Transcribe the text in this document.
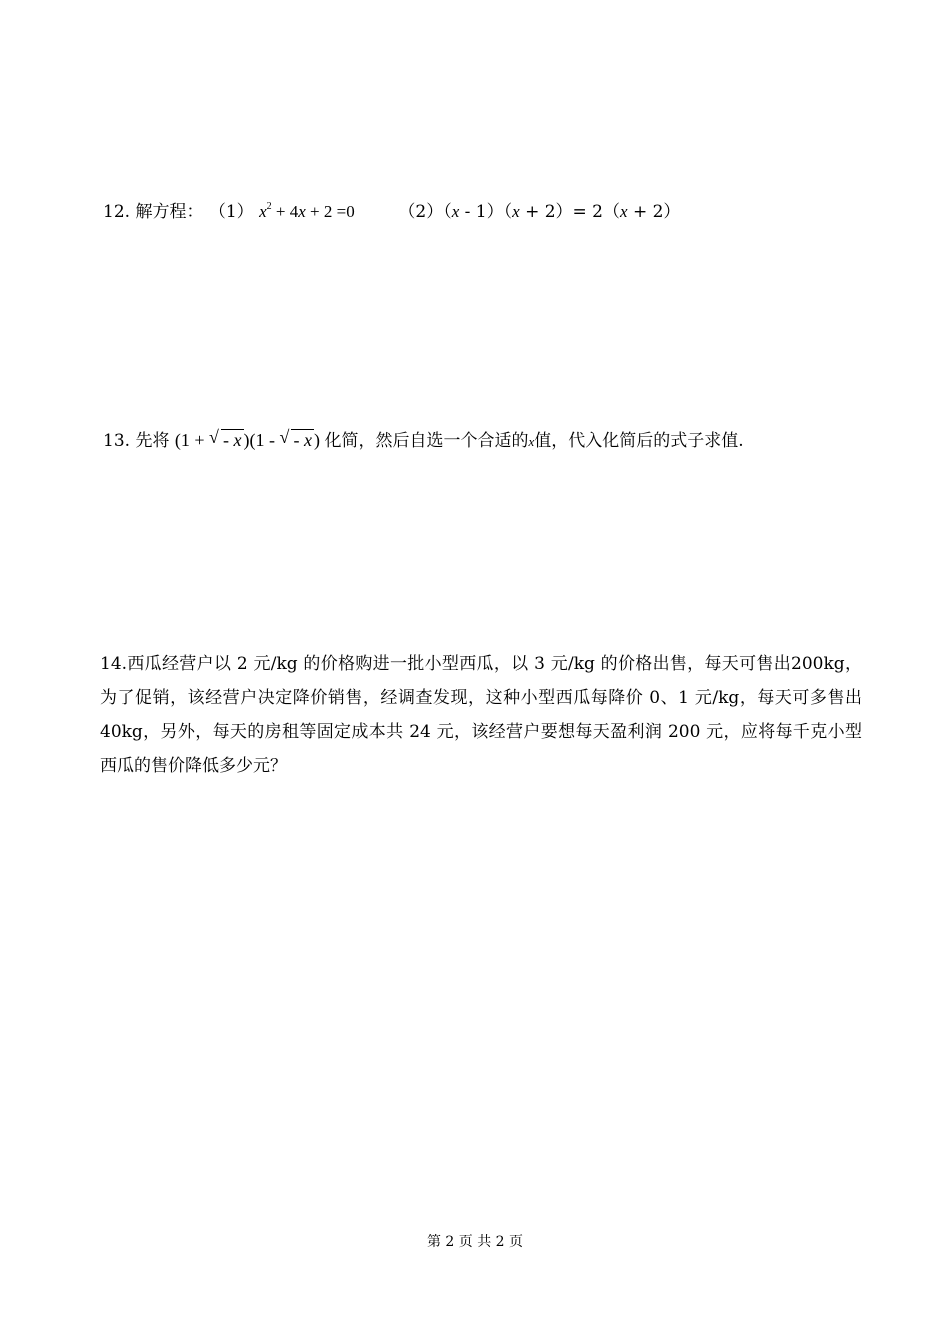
12. 解方程： （1） $x^2 + 4x + 2 =0$	（2）（x - 1）（x + 2）= 2（x + 2）
13. 先将 (1 + √ - x )(1 - √ - x ) 化简，然后自选一个合适的x值，代入化简后的式子求值.
14.西瓜经营户以 2 元/kg 的价格购进一批小型西瓜，以 3 元/kg 的价格出售，每天可售出200kg，为了促销，该经营户决定降价销售，经调查发现，这种小型西瓜每降价 0、1 元/kg，每天可多售出 40kg，另外，每天的房租等固定成本共 24 元，该经营户要想每天盈利润 200 元，应将每千克小型西瓜的售价降低多少元？
第 2 页 共 2 页
